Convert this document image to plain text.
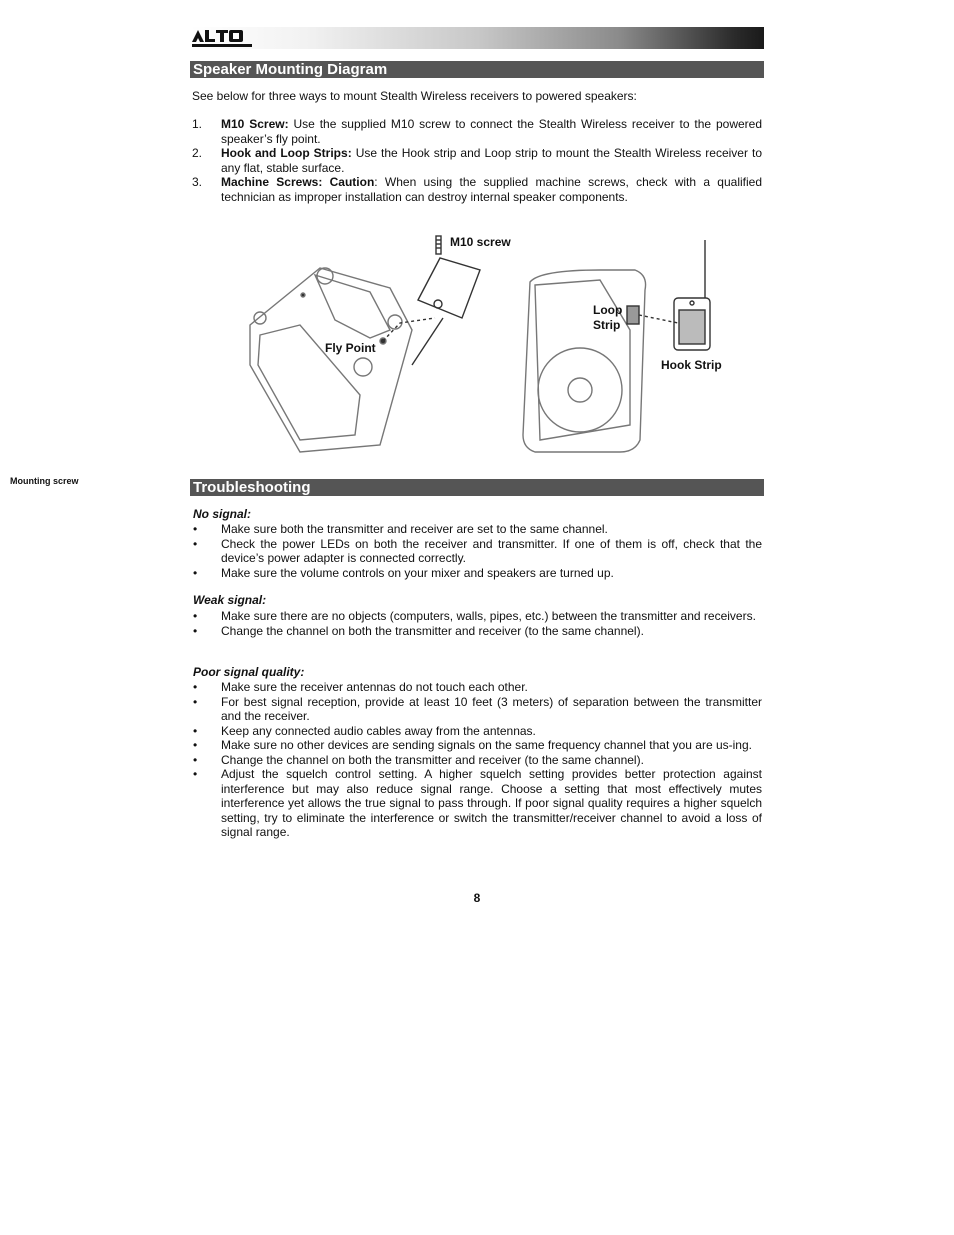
Speaker Mounting Diagram
See below for three ways to mount Stealth Wireless receivers to powered speakers:
1. M10 Screw: Use the supplied M10 screw to connect the Stealth Wireless receiver to the powered speaker’s fly point.
2. Hook and Loop Strips: Use the Hook strip and Loop strip to mount the Stealth Wireless receiver to any flat, stable surface.
3. Machine Screws: Caution: When using the supplied machine screws, check with a qualified technician as improper installation can destroy internal speaker components.
M10 screw
Fly Point
Loop
Strip
Hook Strip
Mounting screw	Troubleshooting
No signal:
• Make sure both the transmitter and receiver are set to the same channel.
• Check the power LEDs on both the receiver and transmitter. If one of them is off, check that the device’s power adapter is connected correctly.
• Make sure the volume controls on your mixer and speakers are turned up.
Weak signal:
• Make sure there are no objects (computers, walls, pipes, etc.) between the transmitter and receivers.
• Change the channel on both the transmitter and receiver (to the same channel).
Poor signal quality:
• Make sure the receiver antennas do not touch each other.
• For best signal reception, provide at least 10 feet (3 meters) of separation between the transmitter and the receiver.
• Keep any connected audio cables away from the antennas.
• Make sure no other devices are sending signals on the same frequency channel that you are us-ing.
• Change the channel on both the transmitter and receiver (to the same channel).
• Adjust the squelch control setting. A higher squelch setting provides better protection against interference but may also reduce signal range. Choose a setting that most effectively mutes interference yet allows the true signal to pass through. If poor signal quality requires a higher squelch setting, try to eliminate the interference or switch the transmitter/receiver channel to avoid a loss of signal range.
8
